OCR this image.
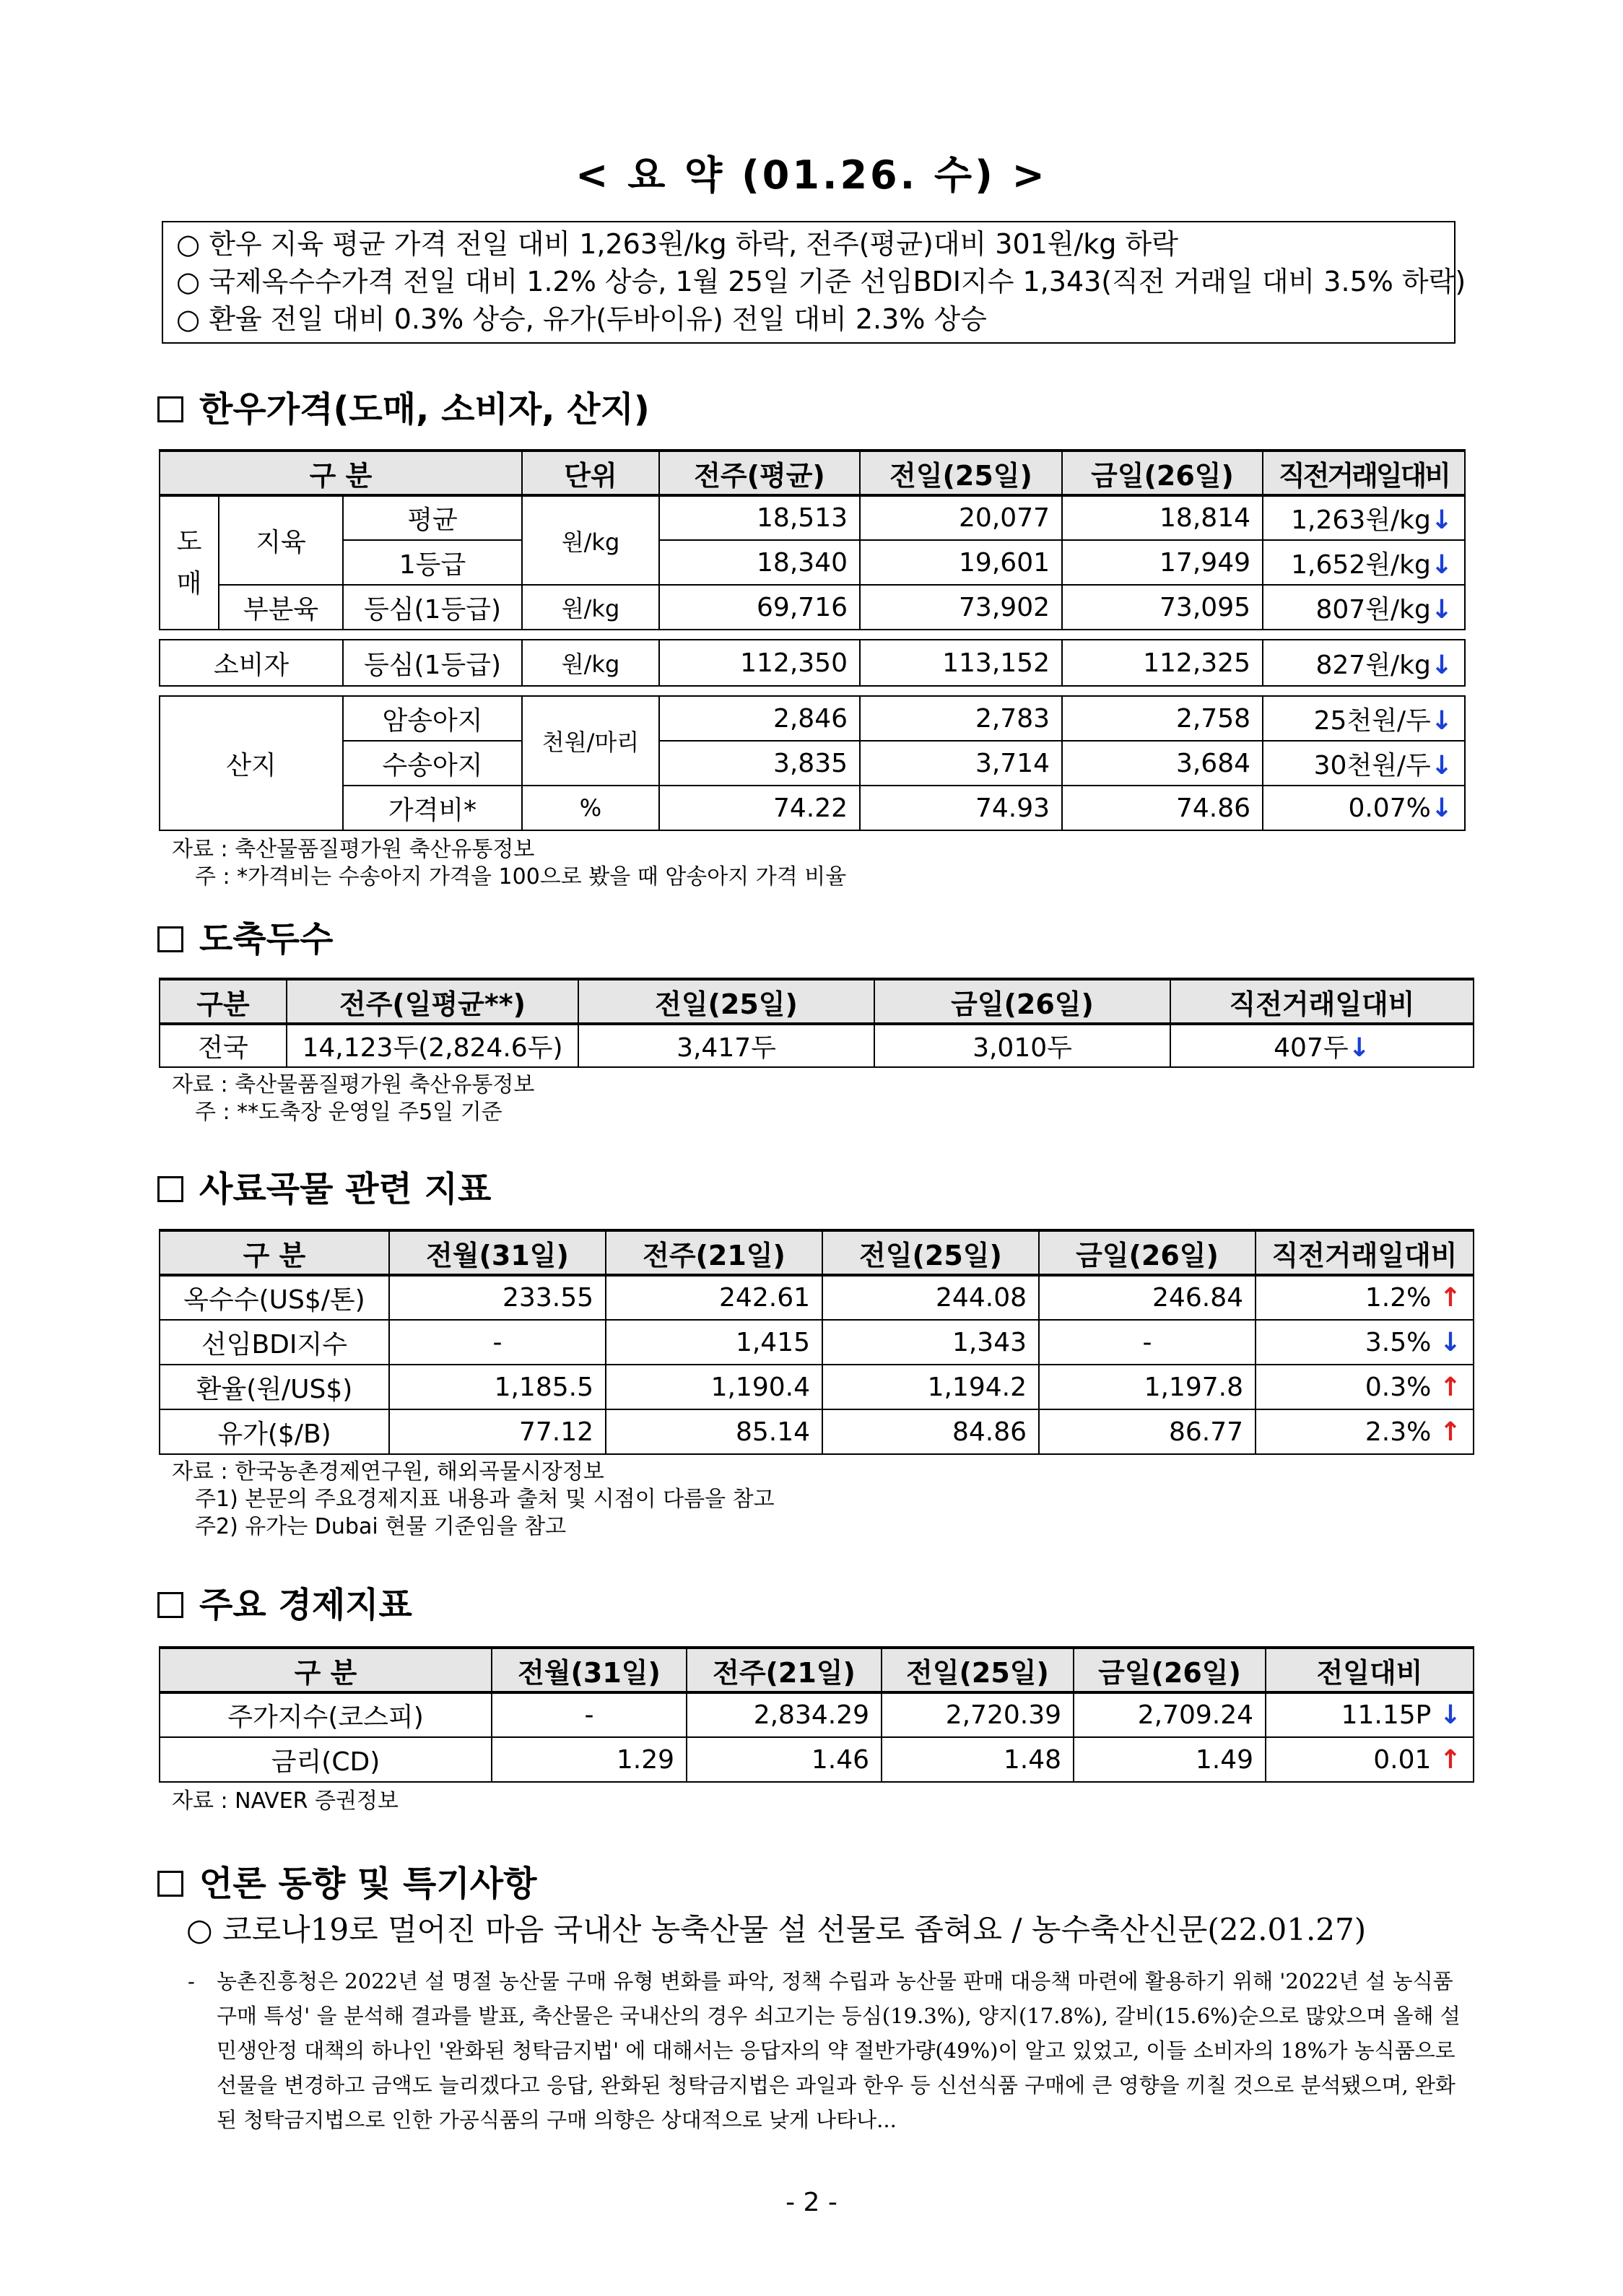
< 요 약 (01.26. 수) >
○ 한우 지육 평균 가격 전일 대비 1,263원/kg 하락, 전주(평균)대비 301원/kg 하락
○ 국제옥수수가격 전일 대비 1.2% 상승, 1월 25일 기준 선임BDI지수 1,343(직전 거래일 대비 3.5% 하락)
○ 환율 전일 대비 0.3% 상승, 유가(두바이유) 전일 대비 2.3% 상승
한우가격(도매, 소비자, 산지)
구 분			단위	전주(평균)	전일(25일)	금일(26일)	직전거래일대비
도
매	지육	평균	원/kg	18,513	20,077	18,814	1,263원/kg↓
		1등급		18,340	19,601	17,949	1,652원/kg↓
	부분육	등심(1등급)	원/kg	69,716	73,902	73,095	807원/kg↓

소비자		등심(1등급)	원/kg	112,350	113,152	112,325	827원/kg↓

산지		암송아지	천원/마리	2,846	2,783	2,758	25천원/두↓
		수송아지		3,835	3,714	3,684	30천원/두↓
		가격비*	%	74.22	74.93	74.86	0.07%↓
자료 : 축산물품질평가원 축산유통정보
주 : *가격비는 수송아지 가격을 100으로 봤을 때 암송아지 가격 비율
도축두수
구분	전주(일평균**)	전일(25일)	금일(26일)	직전거래일대비
전국	14,123두(2,824.6두)	3,417두	3,010두	407두↓
자료 : 축산물품질평가원 축산유통정보
주 : **도축장 운영일 주5일 기준
사료곡물 관련 지표
구 분	전월(31일)	전주(21일)	전일(25일)	금일(26일)	직전거래일대비
옥수수(US$/톤)	233.55	242.61	244.08	246.84	1.2% ↑
선임BDI지수	-	1,415	1,343	-	3.5% ↓
환율(원/US$)	1,185.5	1,190.4	1,194.2	1,197.8	0.3% ↑
유가($/B)	77.12	85.14	84.86	86.77	2.3% ↑
자료 : 한국농촌경제연구원, 해외곡물시장정보
주1) 본문의 주요경제지표 내용과 출처 및 시점이 다름을 참고
주2) 유가는 Dubai 현물 기준임을 참고
주요 경제지표
구 분	전월(31일)	전주(21일)	전일(25일)	금일(26일)	전일대비
주가지수(코스피)	-	2,834.29	2,720.39	2,709.24	11.15P ↓
금리(CD)	1.29	1.46	1.48	1.49	0.01 ↑
자료 : NAVER 증권정보
언론 동향 및 특기사항
○ 코로나19로 멀어진 마음 국내산 농축산물 설 선물로 좁혀요 / 농수축산신문(22.01.27)
- 농촌진흥청은 2022년 설 명절 농산물 구매 유형 변화를 파악, 정책 수립과 농산물 판매 대응책 마련에 활용하기 위해 '2022년 설 농식품 구매 특성' 을 분석해 결과를 발표, 축산물은 국내산의 경우 쇠고기는 등심(19.3%), 양지(17.8%), 갈비(15.6%)순으로 많았으며 올해 설 민생안정 대책의 하나인 '완화된 청탁금지법' 에 대해서는 응답자의 약 절반가량(49%)이 알고 있었고, 이들 소비자의 18%가 농식품으로 선물을 변경하고 금액도 늘리겠다고 응답, 완화된 청탁금지법은 과일과 한우 등 신선식품 구매에 큰 영향을 끼칠 것으로 분석됐으며, 완화된 청탁금지법으로 인한 가공식품의 구매 의향은 상대적으로 낮게 나타나...
- 2 -
